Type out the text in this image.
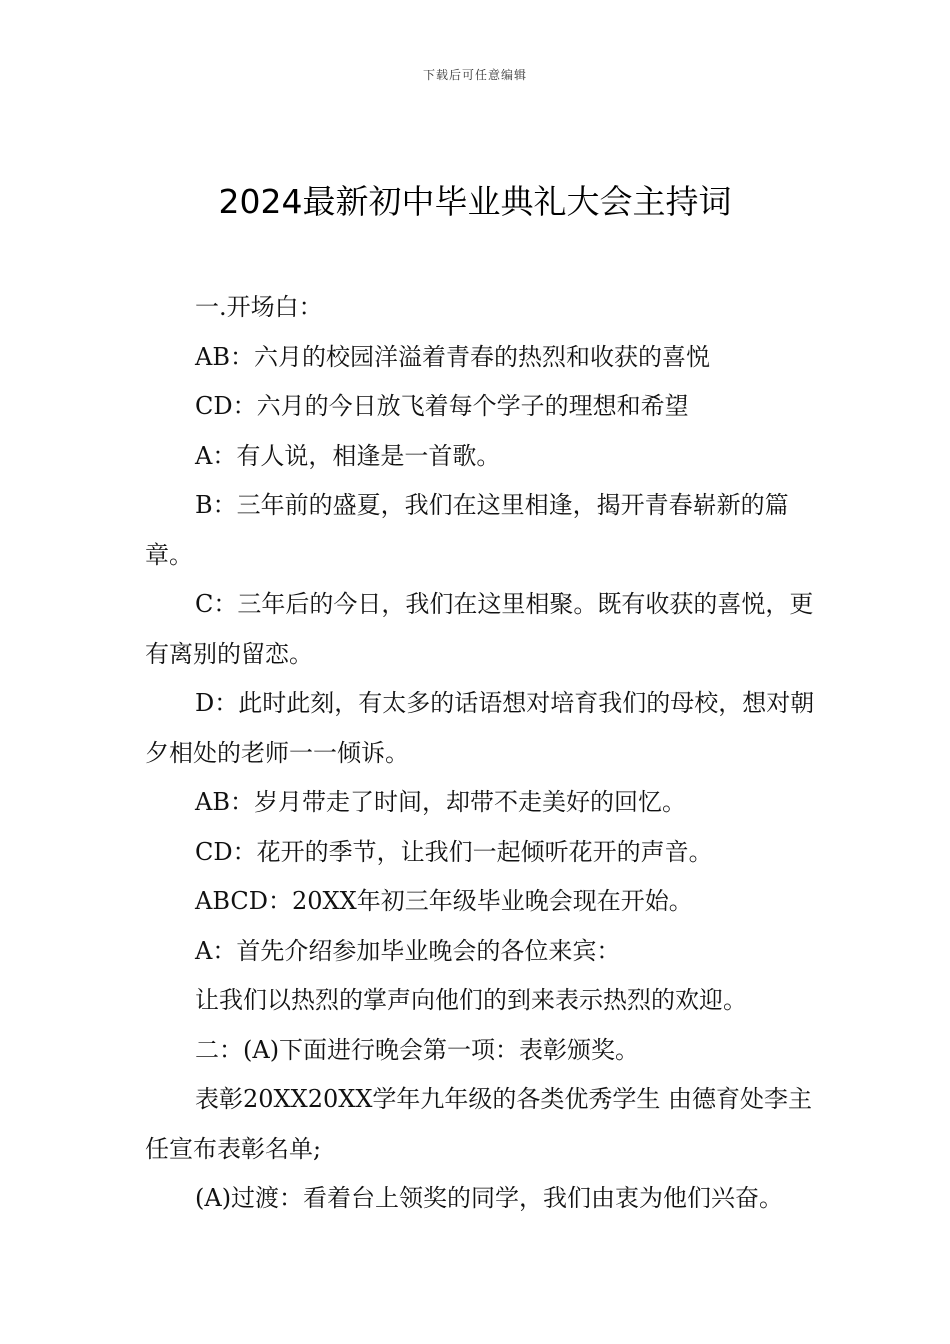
下载后可任意编辑
2024最新初中毕业典礼大会主持词

一.开场白：

AB：六月的校园洋溢着青春的热烈和收获的喜悦

CD：六月的今日放飞着每个学子的理想和希望

A：有人说，相逢是一首歌。

B：三年前的盛夏，我们在这里相逢，揭开青春崭新的篇章。

C：三年后的今日，我们在这里相聚。既有收获的喜悦，更有离别的留恋。

D：此时此刻，有太多的话语想对培育我们的母校，想对朝夕相处的老师一一倾诉。

AB：岁月带走了时间，却带不走美好的回忆。

CD：花开的季节，让我们一起倾听花开的声音。

ABCD：20XX年初三年级毕业晚会现在开始。

A：首先介绍参加毕业晚会的各位来宾：

让我们以热烈的掌声向他们的到来表示热烈的欢迎。

二：(A)下面进行晚会第一项：表彰颁奖。

表彰20XX20XX学年九年级的各类优秀学生 由德育处李主任宣布表彰名单;

(A)过渡：看着台上领奖的同学，我们由衷为他们兴奋。
